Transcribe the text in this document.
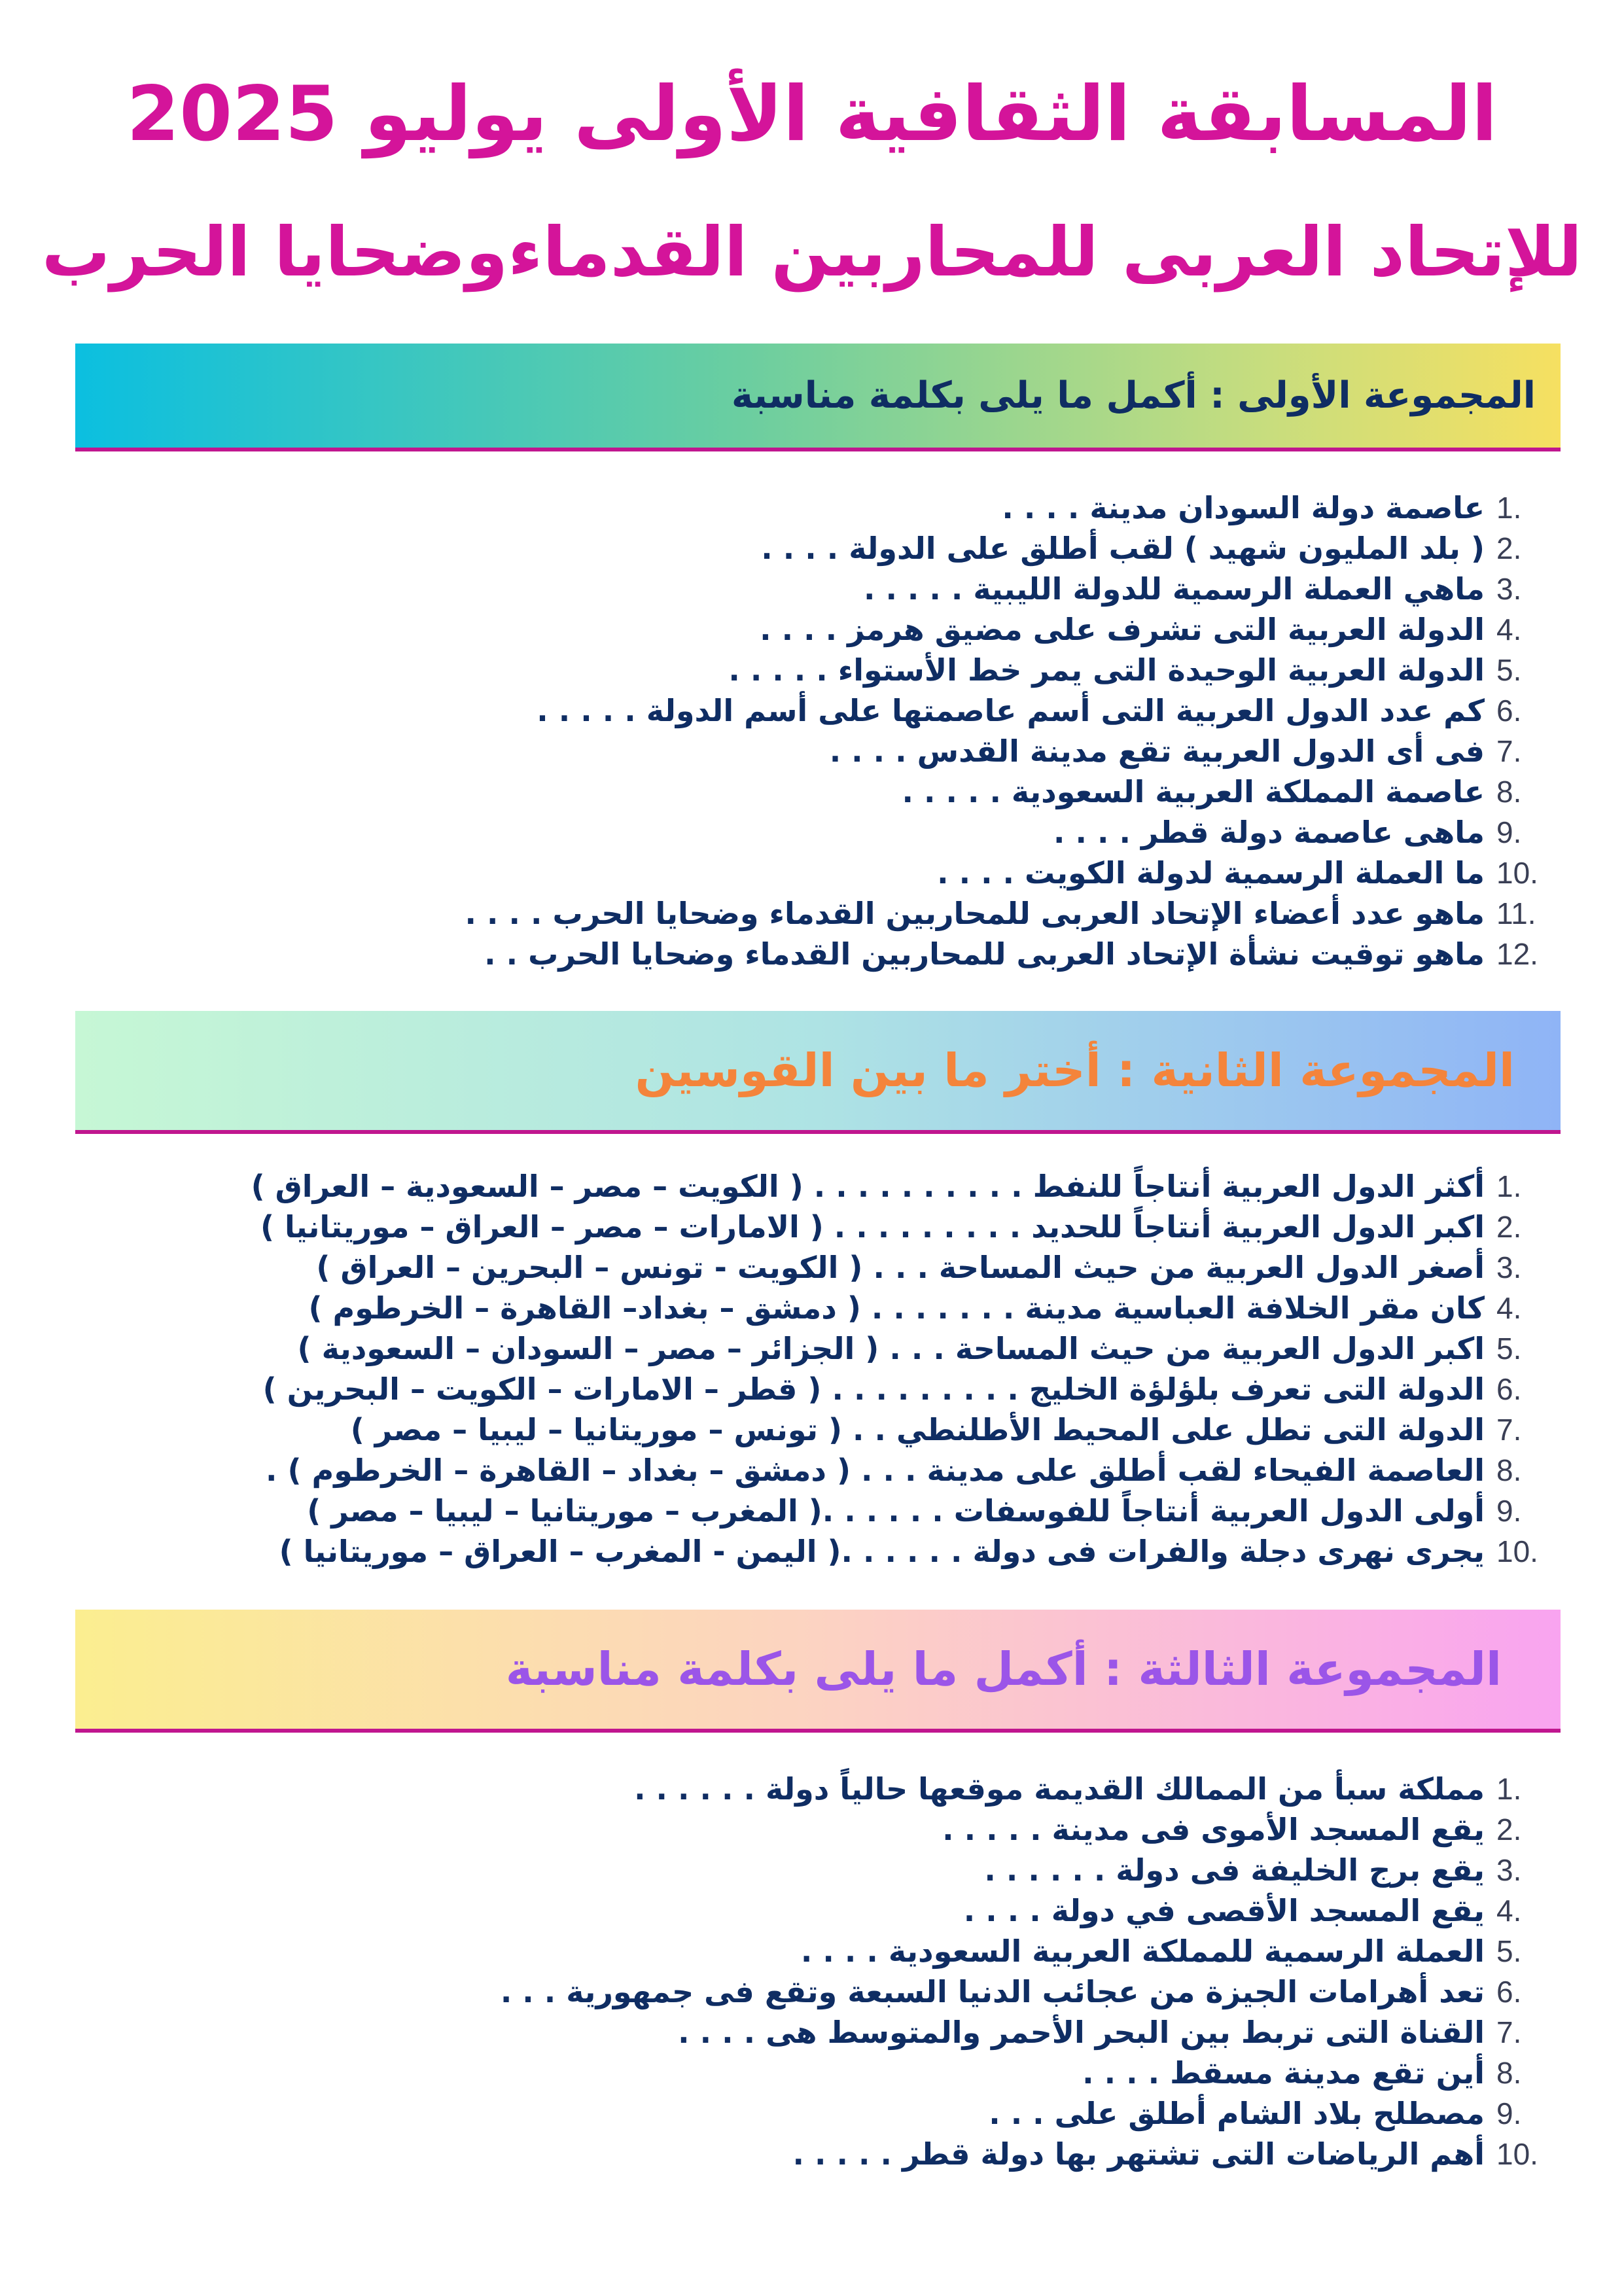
المسابقة الثقافية الأولى يوليو 2025
للإتحاد العربى للمحاربين القدماءوضحايا الحرب
المجموعة الأولى : أكمل ما يلى بكلمة مناسبة
1.
عاصمة دولة السودان مدينة . . . .
2.
( بلد المليون شهيد ) لقب أطلق على الدولة . . . .
3.
ماهي العملة الرسمية للدولة الليبية . . . . .
4.
الدولة العربية التى تشرف على مضيق هرمز . . . .
5.
الدولة العربية الوحيدة التى يمر خط الأستواء . . . . .
6.
كم عدد الدول العربية التى أسم عاصمتها على أسم الدولة . . . . .
7.
فى أى الدول العربية تقع مدينة القدس . . . .
8.
عاصمة المملكة العربية السعودية . . . . .
9.
ماهى عاصمة دولة قطر . . . .
10.
ما العملة الرسمية لدولة الكويت . . . .
11.
ماهو عدد أعضاء الإتحاد العربى للمحاربين القدماء وضحايا الحرب . . . .
12.
ماهو توقيت نشأة الإتحاد العربى للمحاربين القدماء وضحايا الحرب . .
المجموعة الثانية : أختر ما بين القوسين
1.
أكثر الدول العربية أنتاجاً للنفط . . . . . . . . . . ( الكويت – مصر – السعودية – العراق )
2.
اكبر الدول العربية أنتاجاً للحديد . . . . . . . . . ( الامارات – مصر – العراق – موريتانيا )
3.
أصغر الدول العربية من حيث المساحة . . . ( الكويت - تونس – البحرين – العراق )
4.
كان مقر الخلافة العباسية مدينة . . . . . . . ( دمشق – بغداد– القاهرة – الخرطوم )
5.
اكبر الدول العربية من حيث المساحة . . . ( الجزائر – مصر – السودان – السعودية )
6.
الدولة التى تعرف بلؤلؤة الخليج . . . . . . . . . ( قطر – الامارات – الكويت – البحرين )
7.
الدولة التى تطل على المحيط الأطلنطي . . ( تونس – موريتانيا – ليبيا – مصر )
8.
العاصمة الفيحاء لقب أطلق على مدينة . . . ( دمشق – بغداد – القاهرة – الخرطوم ) .
9.
أولى الدول العربية أنتاجاً للفوسفات . . . . . .( المغرب – موريتانيا – ليبيا – مصر )
10.
يجرى نهرى دجلة والفرات فى دولة . . . . . .( اليمن - المغرب – العراق – موريتانيا )
المجموعة الثالثة : أكمل ما يلى بكلمة مناسبة
1.
مملكة سبأ من الممالك القديمة موقعها حالياً دولة . . . . . .
2.
يقع المسجد الأموى فى مدينة . . . . .
3.
يقع برج الخليفة فى دولة . . . . . .
4.
يقع المسجد الأقصى في دولة . . . .
5.
العملة الرسمية للمملكة العربية السعودية . . . .
6.
تعد أهرامات الجيزة من عجائب الدنيا السبعة وتقع فى جمهورية . . .
7.
القناة التى تربط بين البحر الأحمر والمتوسط هى . . . .
8.
أين تقع مدينة مسقط . . . .
9.
مصطلح بلاد الشام أطلق على . . .
10.
أهم الرياضات التى تشتهر بها دولة قطر . . . . .
